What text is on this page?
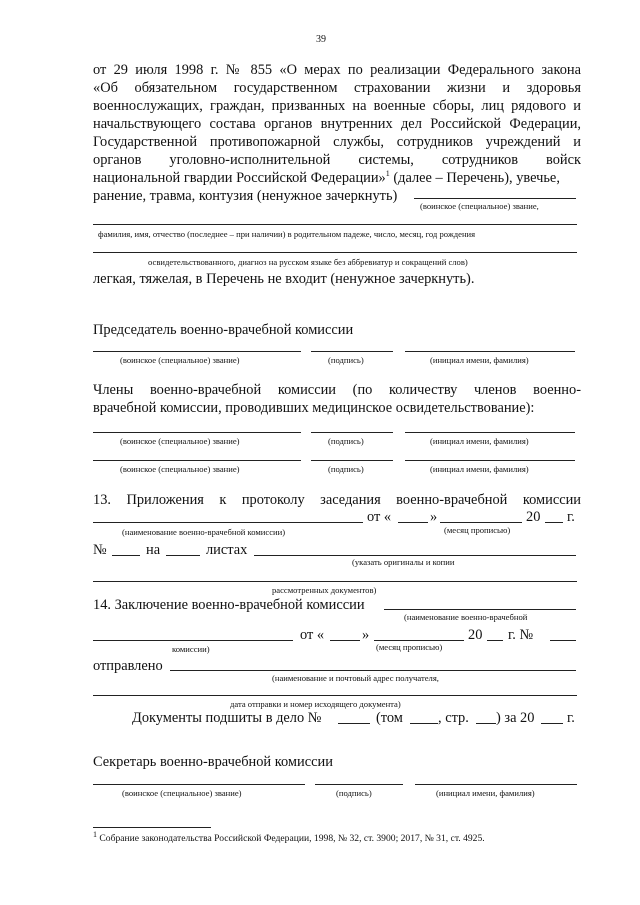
39
от 29 июля 1998 г. № 855 «О мерах по реализации Федерального закона
«Об обязательном государственном страховании жизни и здоровья
военнослужащих, граждан, призванных на военные сборы, лиц рядового и
начальствующего состава органов внутренних дел Российской Федерации,
Государственной противопожарной службы, сотрудников учреждений и
органов уголовно-исполнительной системы, сотрудников войск
национальной гвардии Российской Федерации»$^1$ (далее – Перечень), увечье,
ранение, травма, контузия (ненужное зачеркнуть)
(воинское (специальное) звание,
фамилия, имя, отчество (последнее – при наличии) в родительном падеже, число, месяц, год рождения
освидетельствованного, диагноз на русском языке без аббревиатур и сокращений слов)
легкая, тяжелая, в Перечень не входит (ненужное зачеркнуть).
Председатель военно-врачебной комиссии
(воинское (специальное) звание)	(подпись)	(инициал имени, фамилия)
Члены военно-врачебной комиссии (по количеству членов военно-
врачебной комиссии, проводивших медицинское освидетельствование):
(воинское (специальное) звание)	(подпись)	(инициал имени, фамилия)
(воинское (специальное) звание)	(подпись)	(инициал имени, фамилия)
13. Приложения к протоколу заседания военно-врачебной комиссии
от «	»	20 г.
(наименование военно-врачебной комиссии)	(месяц прописью)
№	на	листах
(указать оригиналы и копии
рассмотренных документов)
14. Заключение военно-врачебной комиссии
(наименование военно-врачебной
от «	»	20 г. №
комиссии)	(месяц прописью)
отправлено
(наименование и почтовый адрес получателя,
дата отправки и номер исходящего документа)
Документы подшиты в дело №	(том , стр. ) за 20 г.
Секретарь военно-врачебной комиссии
(воинское (специальное) звание)	(подпись)	(инициал имени, фамилия)
$^1$ Собрание законодательства Российской Федерации, 1998, № 32, ст. 3900; 2017, № 31, ст. 4925.
